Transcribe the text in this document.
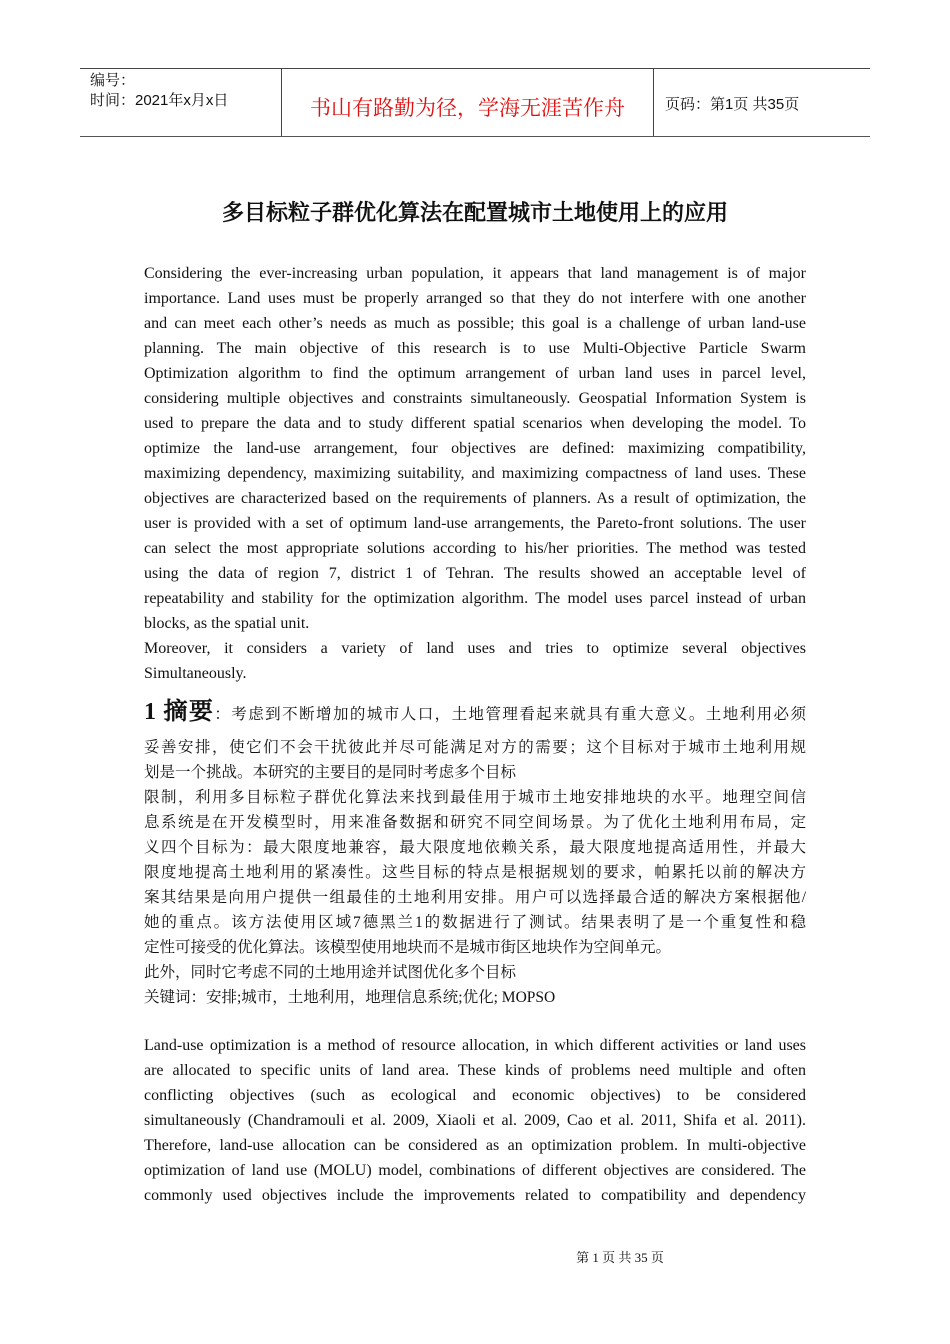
编号：
时间：2021年x月x日	书山有路勤为径，学海无涯苦作舟	页码：第1页 共35页
多目标粒子群优化算法在配置城市土地使用上的应用
Considering the ever-increasing urban population, it appears that land management is of major
importance. Land uses must be properly arranged so that they do not interfere with one another
and can meet each other’s needs as much as possible; this goal is a challenge of urban land-use
planning. The main objective of this research is to use Multi-Objective Particle Swarm
Optimization algorithm to find the optimum arrangement of urban land uses in parcel level,
considering multiple objectives and constraints simultaneously. Geospatial Information System is
used to prepare the data and to study different spatial scenarios when developing the model. To
optimize the land-use arrangement, four objectives are defined: maximizing compatibility,
maximizing dependency, maximizing suitability, and maximizing compactness of land uses. These
objectives are characterized based on the requirements of planners. As a result of optimization, the
user is provided with a set of optimum land-use arrangements, the Pareto-front solutions. The user
can select the most appropriate solutions according to his/her priorities. The method was tested
using the data of region 7, district 1 of Tehran. The results showed an acceptable level of
repeatability and stability for the optimization algorithm. The model uses parcel instead of urban
blocks, as the spatial unit.
Moreover, it considers a variety of land uses and tries to optimize several objectives
Simultaneously.
1 摘要：考虑到不断增加的城市人口，土地管理看起来就具有重大意义。土地利用必须
妥善安排，使它们不会干扰彼此并尽可能满足对方的需要；这个目标对于城市土地利用规
划是一个挑战。本研究的主要目的是同时考虑多个目标
限制，利用多目标粒子群优化算法来找到最佳用于城市土地安排地块的水平。地理空间信
息系统是在开发模型时，用来准备数据和研究不同空间场景。为了优化土地利用布局，定
义四个目标为：最大限度地兼容，最大限度地依赖关系，最大限度地提高适用性，并最大
限度地提高土地利用的紧凑性。这些目标的特点是根据规划的要求，帕累托以前的解决方
案其结果是向用户提供一组最佳的土地利用安排。用户可以选择最合适的解决方案根据他/
她的重点。该方法使用区域7德黑兰1的数据进行了测试。结果表明了是一个重复性和稳
定性可接受的优化算法。该模型使用地块而不是城市街区地块作为空间单元。
此外，同时它考虑不同的土地用途并试图优化多个目标
关键词：安排;城市，土地利用，地理信息系统;优化; MOPSO
Land-use optimization is a method of resource allocation, in which different activities or land uses
are allocated to specific units of land area. These kinds of problems need multiple and often
conflicting objectives (such as ecological and economic objectives) to be considered
simultaneously (Chandramouli et al. 2009, Xiaoli et al. 2009, Cao et al. 2011, Shifa et al. 2011).
Therefore, land-use allocation can be considered as an optimization problem. In multi-objective
optimization of land use (MOLU) model, combinations of different objectives are considered. The
commonly used objectives include the improvements related to compatibility and dependency
第 1 页 共 35 页
